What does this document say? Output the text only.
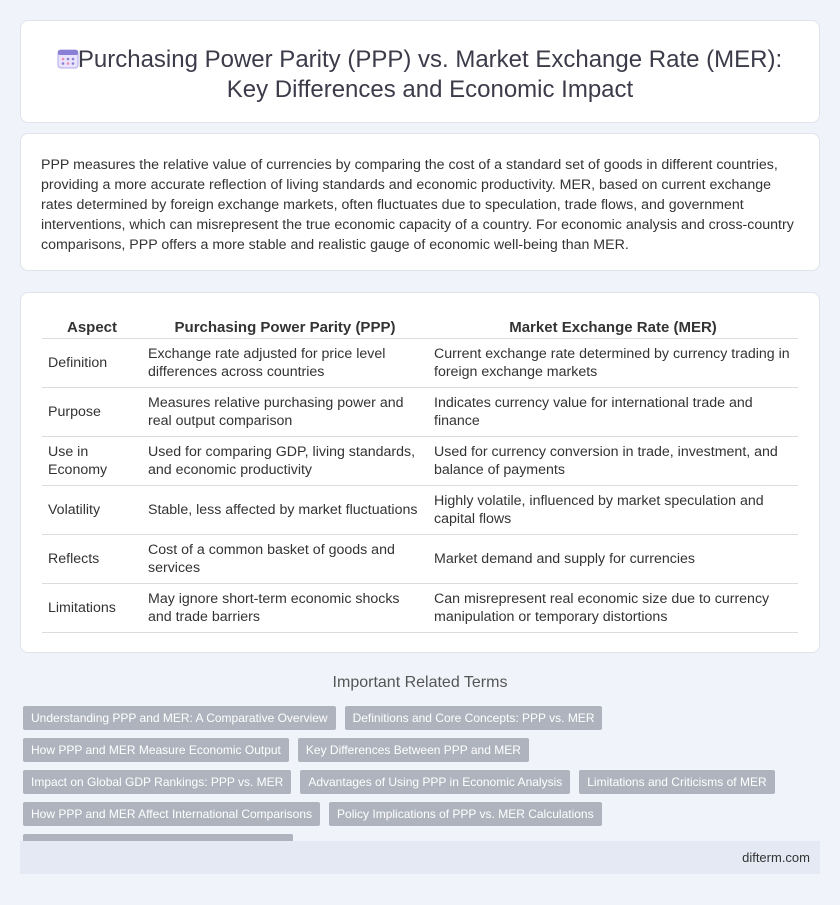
Purchasing Power Parity (PPP) vs. Market Exchange Rate (MER):
Key Differences and Economic Impact

PPP measures the relative value of currencies by comparing the cost of a standard set of goods in different countries, providing a more accurate reflection of living standards and economic productivity. MER, based on current exchange rates determined by foreign exchange markets, often fluctuates due to speculation, trade flows, and government interventions, which can misrepresent the true economic capacity of a country. For economic analysis and cross-country comparisons, PPP offers a more stable and realistic gauge of economic well-being than MER.

Aspect	Purchasing Power Parity (PPP)	Market Exchange Rate (MER)
Definition	Exchange rate adjusted for price level differences across countries	Current exchange rate determined by currency trading in foreign exchange markets
Purpose	Measures relative purchasing power and real output comparison	Indicates currency value for international trade and finance
Use in Economy	Used for comparing GDP, living standards, and economic productivity	Used for currency conversion in trade, investment, and balance of payments
Volatility	Stable, less affected by market fluctuations	Highly volatile, influenced by market speculation and capital flows
Reflects	Cost of a common basket of goods and services	Market demand and supply for currencies
Limitations	May ignore short-term economic shocks and trade barriers	Can misrepresent real economic size due to currency manipulation or temporary distortions
Important Related Terms
Understanding PPP and MER: A Comparative Overview	Definitions and Core Concepts: PPP vs. MER
How PPP and MER Measure Economic Output	Key Differences Between PPP and MER
Impact on Global GDP Rankings: PPP vs. MER	Advantages of Using PPP in Economic Analysis	Limitations and Criticisms of MER
How PPP and MER Affect International Comparisons	Policy Implications of PPP vs. MER Calculations
difterm.com
